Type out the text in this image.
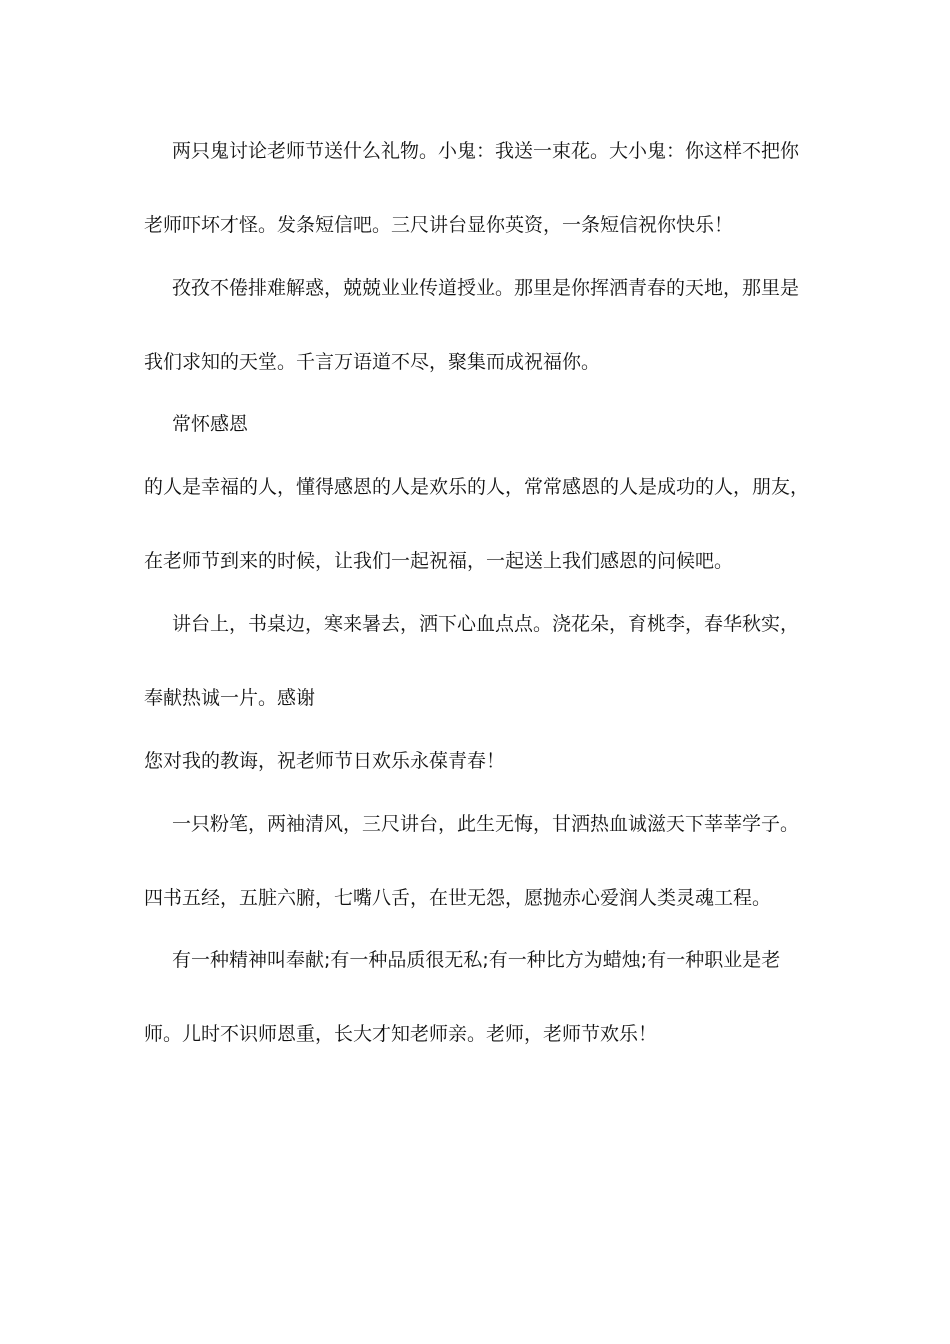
两只鬼讨论老师节送什么礼物。小鬼：我送一束花。大小鬼：你这样不把你
老师吓坏才怪。发条短信吧。三尺讲台显你英资，一条短信祝你快乐！
孜孜不倦排难解惑，兢兢业业传道授业。那里是你挥洒青春的天地，那里是
我们求知的天堂。千言万语道不尽，聚集而成祝福你。
常怀感恩
的人是幸福的人，懂得感恩的人是欢乐的人，常常感恩的人是成功的人，朋友，
在老师节到来的时候，让我们一起祝福，一起送上我们感恩的问候吧。
讲台上，书桌边，寒来暑去，洒下心血点点。浇花朵，育桃李，春华秋实，
奉献热诚一片。感谢
您对我的教诲，祝老师节日欢乐永葆青春！
一只粉笔，两袖清风，三尺讲台，此生无悔，甘洒热血诚滋天下莘莘学子。
四书五经，五脏六腑，七嘴八舌，在世无怨，愿抛赤心爱润人类灵魂工程。
有一种精神叫奉献;有一种品质很无私;有一种比方为蜡烛;有一种职业是老
师。儿时不识师恩重，长大才知老师亲。老师，老师节欢乐！
